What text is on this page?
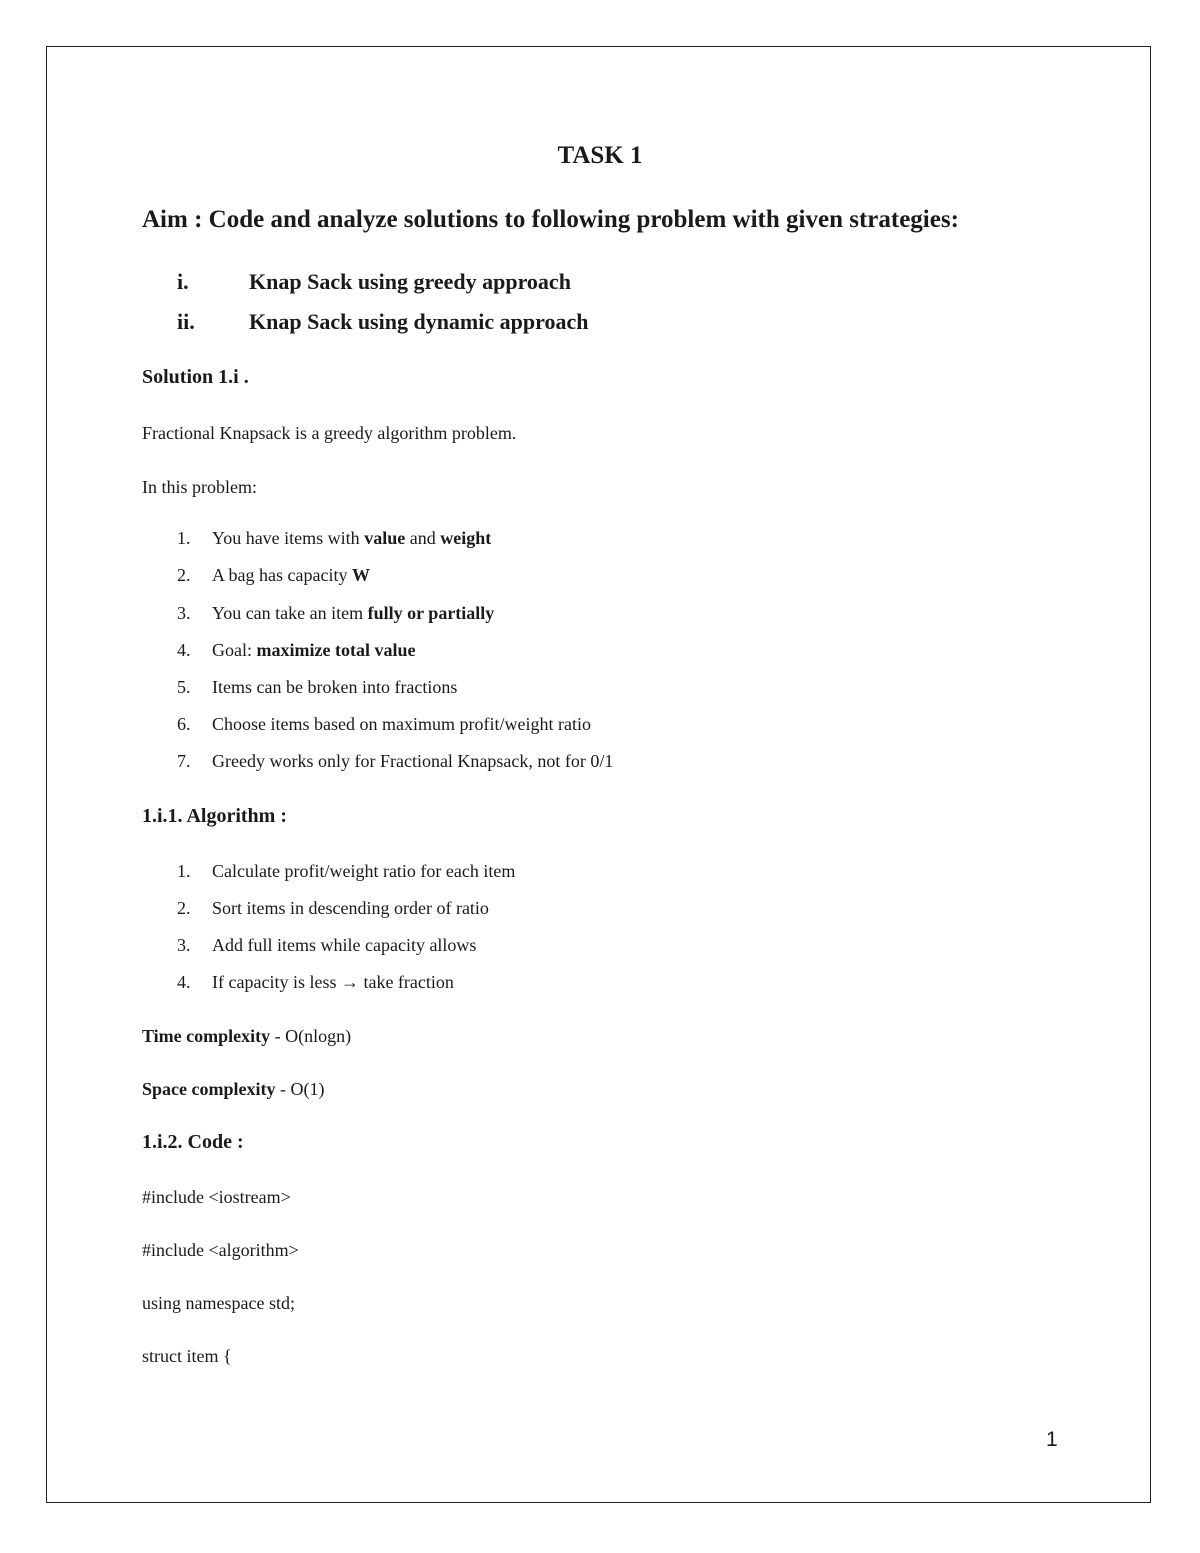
TASK 1
Aim : Code and analyze solutions to following problem with given strategies:
i.	Knap Sack using greedy approach
ii. Knap Sack using dynamic approach
Solution 1.i .
Fractional Knapsack is a greedy algorithm problem.
In this problem:
1. You have items with value and weight
2. A bag has capacity W
3. You can take an item fully or partially
4. Goal: maximize total value
5. Items can be broken into fractions
6. Choose items based on maximum profit/weight ratio
7. Greedy works only for Fractional Knapsack, not for 0/1
1.i.1. Algorithm :
1. Calculate profit/weight ratio for each item
2. Sort items in descending order of ratio
3. Add full items while capacity allows
4. If capacity is less → take fraction
Time complexity - O(nlogn)
Space complexity - O(1)
1.i.2. Code :
#include <iostream>
#include <algorithm>
using namespace std;
struct item {
1
